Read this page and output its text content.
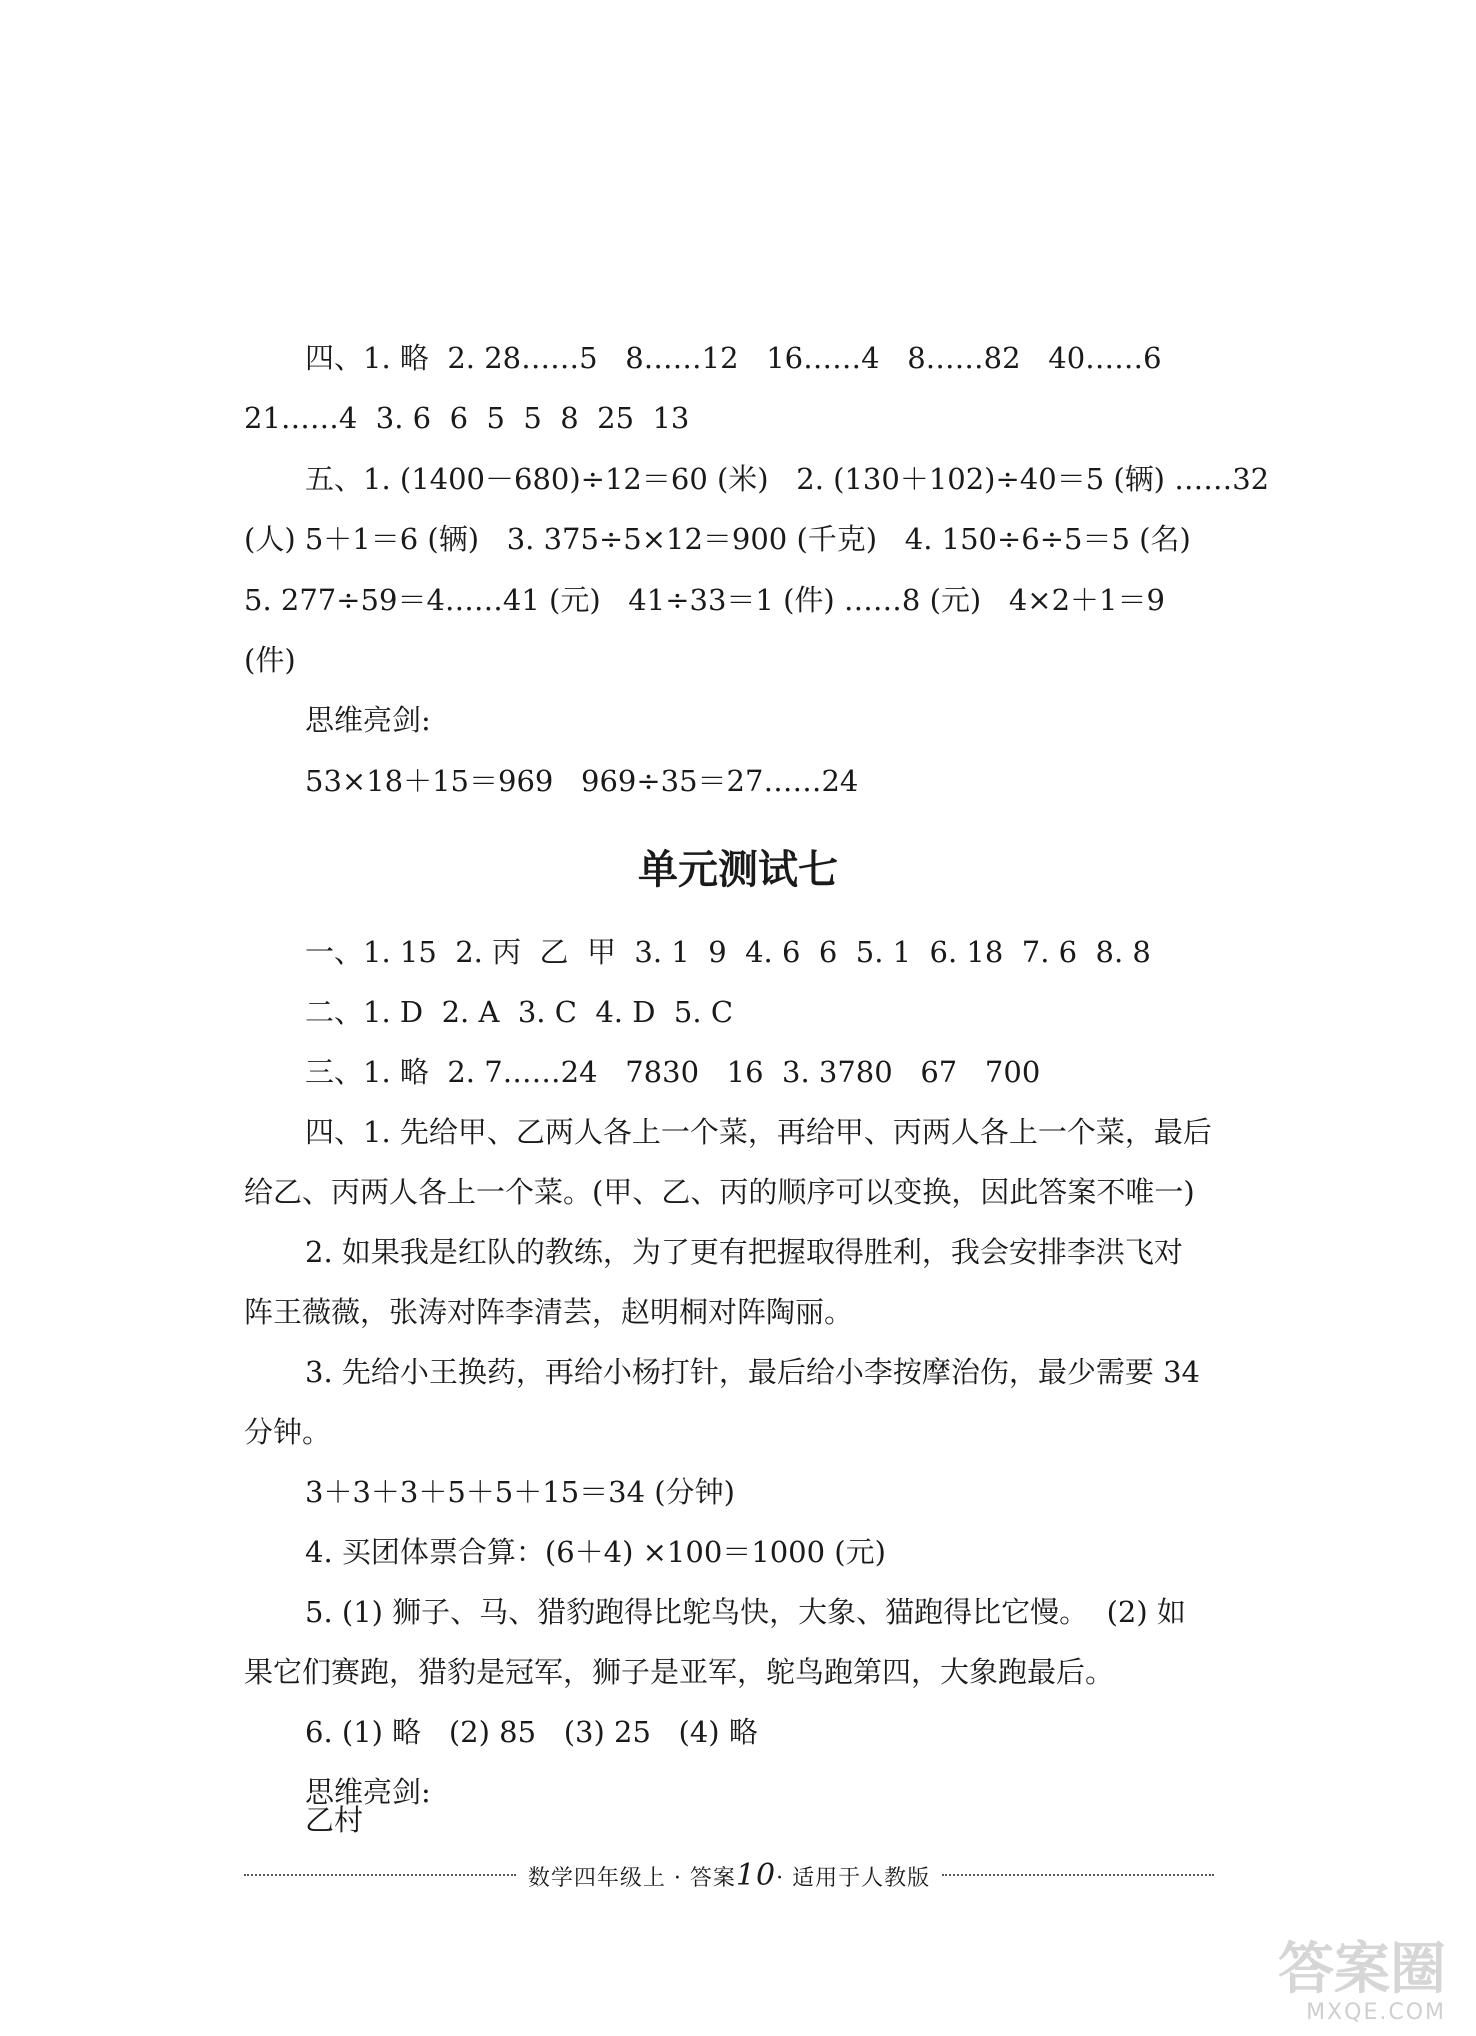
四、1. 略  2. 28……5   8……12   16……4   8……82   40……6
21……4  3. 6  6  5  5  8  25  13
五、1. (1400－680)÷12＝60 (米)   2. (130＋102)÷40＝5 (辆) ……32
(人) 5＋1＝6 (辆)   3. 375÷5×12＝900 (千克)   4. 150÷6÷5＝5 (名)
5. 277÷59＝4……41 (元)   41÷33＝1 (件) ……8 (元)   4×2＋1＝9
(件)
思维亮剑:
53×18＋15＝969   969÷35＝27……24
单元测试七
一、1. 15  2. 丙  乙  甲  3. 1  9  4. 6  6  5. 1  6. 18  7. 6  8. 8
二、1. D  2. A  3. C  4. D  5. C
三、1. 略  2. 7……24   7830   16  3. 3780   67   700
四、1. 先给甲、乙两人各上一个菜，再给甲、丙两人各上一个菜，最后
给乙、丙两人各上一个菜。(甲、乙、丙的顺序可以变换，因此答案不唯一)
2. 如果我是红队的教练，为了更有把握取得胜利，我会安排李洪飞对
阵王薇薇，张涛对阵李清芸，赵明桐对阵陶丽。
3. 先给小王换药，再给小杨打针，最后给小李按摩治伤，最少需要 34
分钟。
3＋3＋3＋5＋5＋15＝34 (分钟)
4. 买团体票合算：(6＋4) ×100＝1000 (元)
5. (1) 狮子、马、猎豹跑得比鸵鸟快，大象、猫跑得比它慢。  (2) 如
果它们赛跑，猎豹是冠军，狮子是亚军，鸵鸟跑第四，大象跑最后。
6. (1) 略   (2) 85   (3) 25   (4) 略
思维亮剑:
数学四年级上 · 答案10· 适用于人教版
答案圈
MXQE.COM
乙村
